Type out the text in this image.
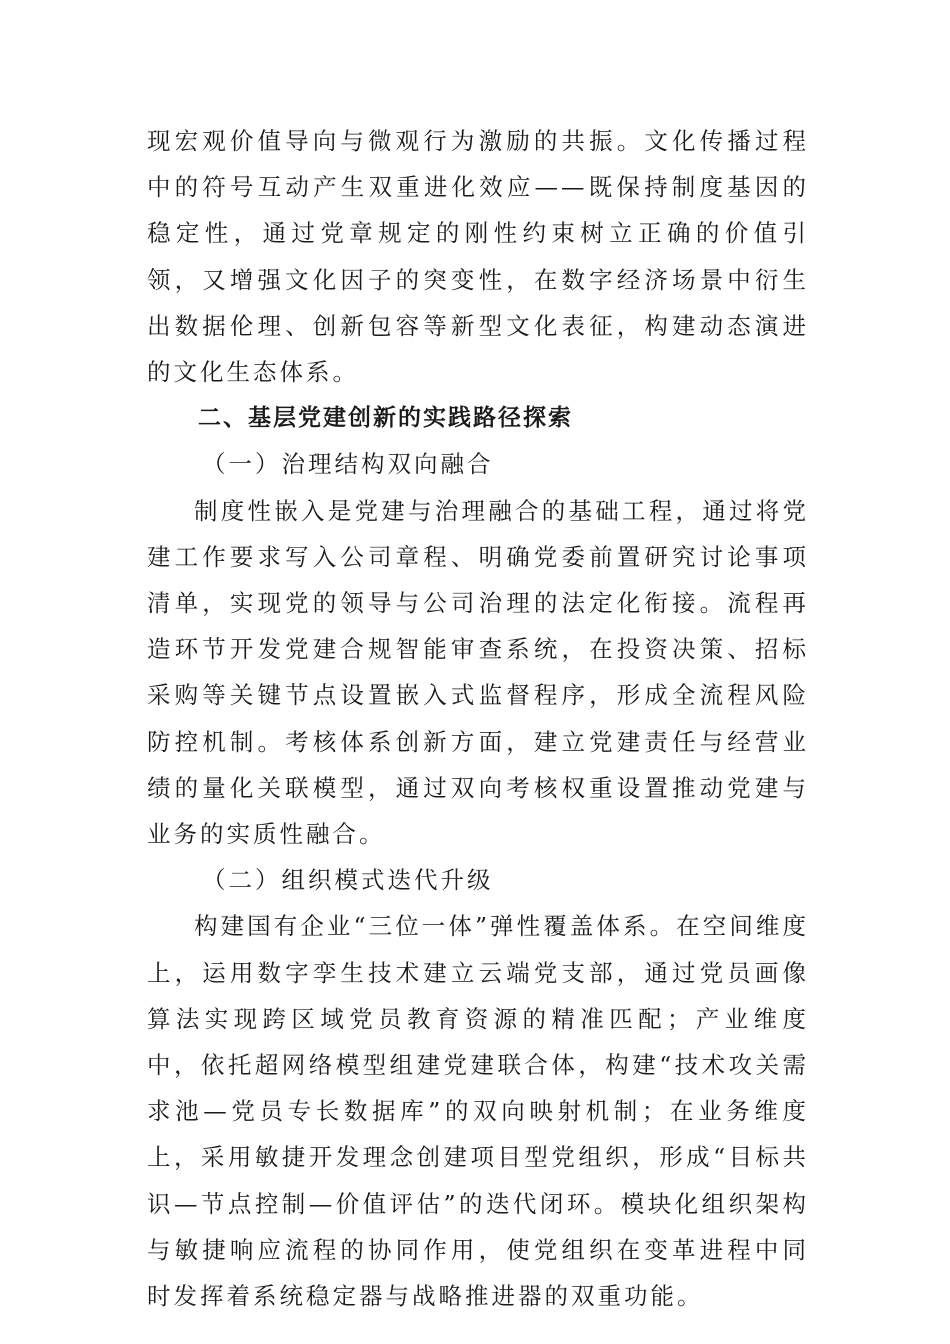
现宏观价值导向与微观行为激励的共振。文化传播过程中的符号互动产生双重进化效应——既保持制度基因的稳定性，通过党章规定的刚性约束树立正确的价值引领，又增强文化因子的突变性，在数字经济场景中衍生出数据伦理、创新包容等新型文化表征，构建动态演进的文化生态体系。

二、基层党建创新的实践路径探索

（一）治理结构双向融合

制度性嵌入是党建与治理融合的基础工程，通过将党建工作要求写入公司章程、明确党委前置研究讨论事项清单，实现党的领导与公司治理的法定化衔接。流程再造环节开发党建合规智能审查系统，在投资决策、招标采购等关键节点设置嵌入式监督程序，形成全流程风险防控机制。考核体系创新方面，建立党建责任与经营业绩的量化关联模型，通过双向考核权重设置推动党建与业务的实质性融合。

（二）组织模式迭代升级

构建国有企业“三位一体”弹性覆盖体系。在空间维度上，运用数字孪生技术建立云端党支部，通过党员画像算法实现跨区域党员教育资源的精准匹配；产业维度中，依托超网络模型组建党建联合体，构建“技术攻关需求池—党员专长数据库”的双向映射机制；在业务维度上，采用敏捷开发理念创建项目型党组织，形成“目标共识—节点控制—价值评估”的迭代闭环。模块化组织架构与敏捷响应流程的协同作用，使党组织在变革进程中同时发挥着系统稳定器与战略推进器的双重功能。
